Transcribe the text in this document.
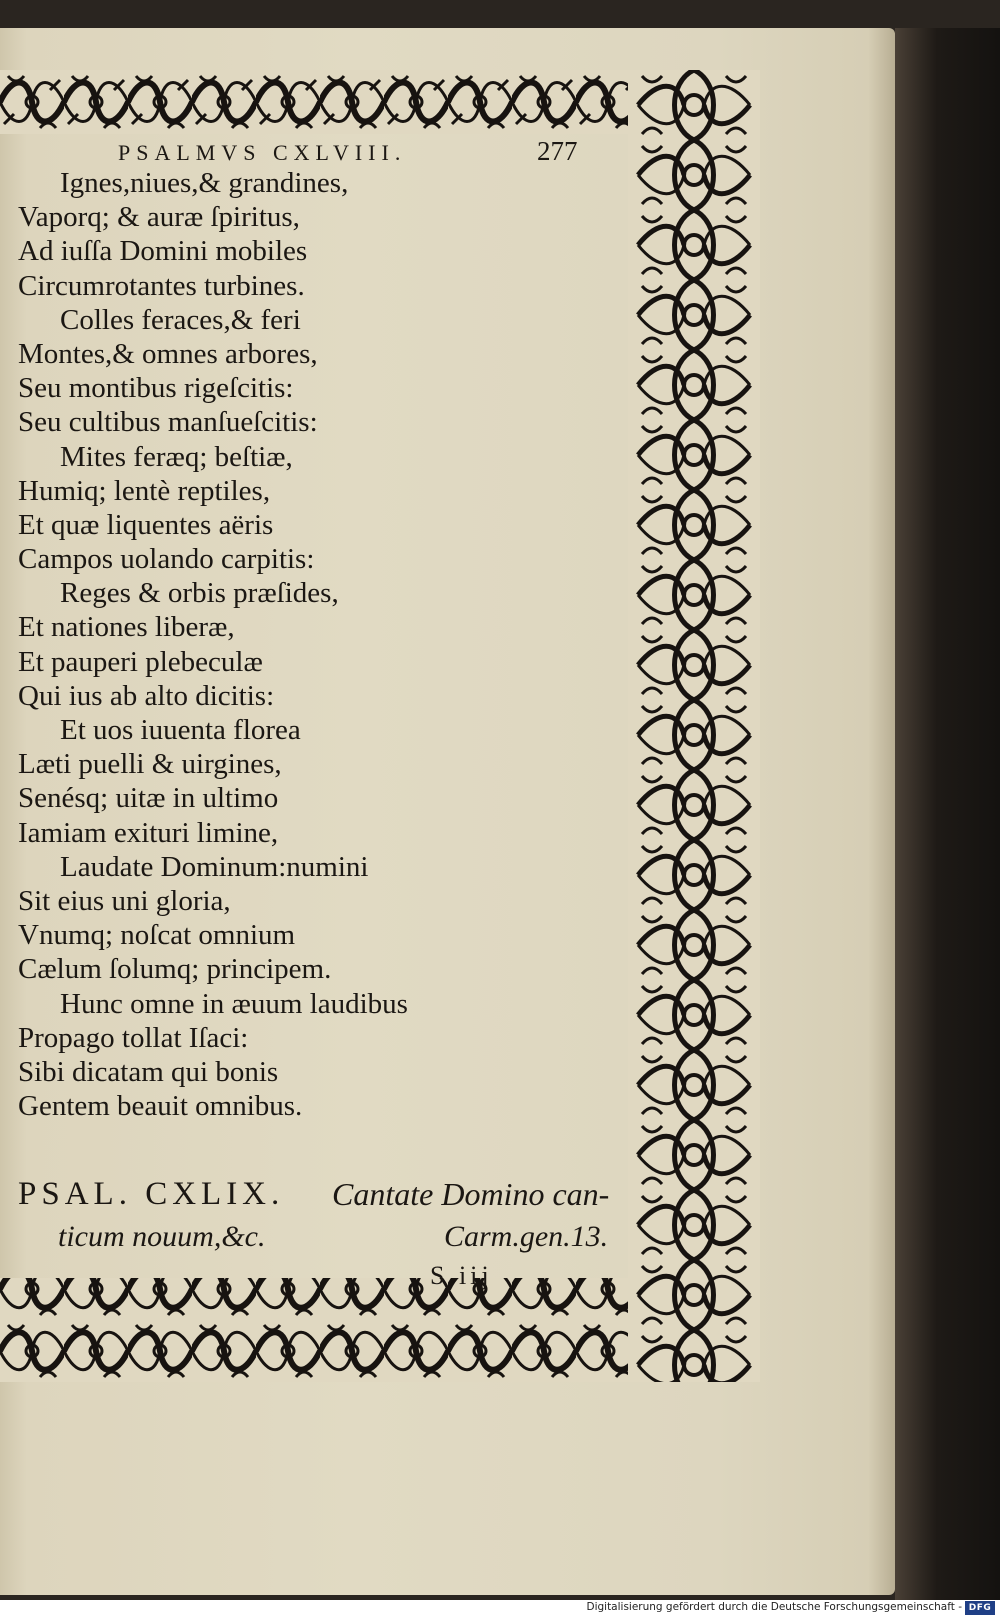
PSALMVS CXLVIII.	277
Ignes,niues,& grandines,
Vaporq; & auræ ſpiritus,
Ad iuſſa Domini mobiles
Circumrotantes turbines.
Colles feraces,& feri
Montes,& omnes arbores,
Seu montibus rigeſcitis:
Seu cultibus manſueſcitis:
Mites feræq; beſtiæ,
Humiq; lentè reptiles,
Et quæ liquentes aëris
Campos uolando carpitis:
Reges & orbis præſides,
Et nationes liberæ,
Et pauperi plebeculæ
Qui ius ab alto dicitis:
Et uos iuuenta florea
Læti puelli & uirgines,
Senésq; uitæ in ultimo
Iamiam exituri limine,
Laudate Dominum:numini
Sit eius uni gloria,
Vnumq; noſcat omnium
Cælum ſolumq; principem.
Hunc omne in æuum laudibus
Propago tollat Iſaci:
Sibi dicatam qui bonis
Gentem beauit omnibus.
PSAL. CXLIX. Cantate Domino can-
ticum nouum,&c.	Carm.gen.13.
S iij
Digitalisierung gefördert durch die Deutsche Forschungsgemeinschaft - DFG
